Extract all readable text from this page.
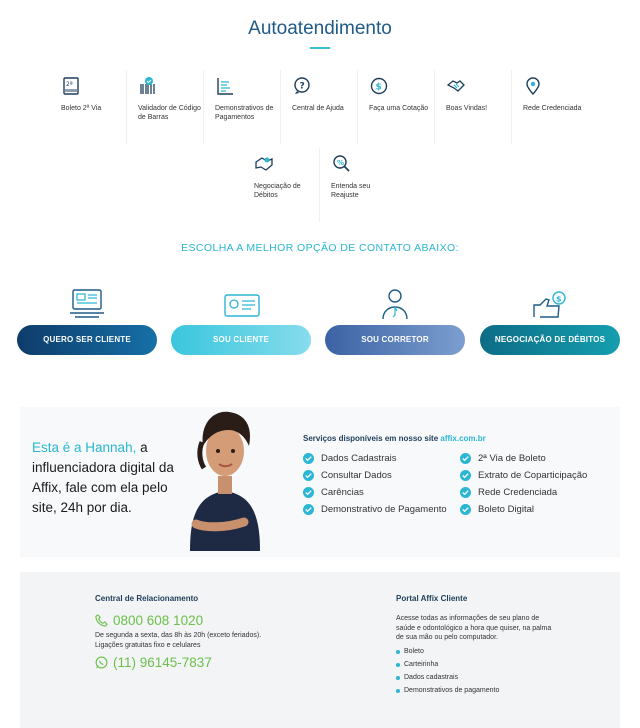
Autoatendimento
2ª
Boleto 2ª Via	Validador de Código de Barras
Demonstrativos de Pagamentos
?
Central de Ajuda
$
Faça uma Cotação	Boas Vindas!	Rede Credenciada
Negociação de Débitos
%
Entenda seu Reajuste
ESCOLHA A MELHOR OPÇÃO DE CONTATO ABAIXO:
$
QUERO SER CLIENTE	SOU CLIENTE	SOU CORRETOR	NEGOCIAÇÃO DE DÉBITOS
Esta é a Hannah, a influenciadora digital da Affix, fale com ela pelo site, 24h por dia.
Serviços disponíveis em nosso site affix.com.br
Dados Cadastrais
Consultar Dados
Carências
Demonstrativo de Pagamento
2ª Via de Boleto
Extrato de Coparticipação
Rede Credenciada
Boleto Digital
Central de Relacionamento
0800 608 1020
De segunda a sexta, das 8h às 20h (exceto feriados). Ligações gratuitas fixo e celulares
(11) 96145-7837
Portal Affix Cliente
Acesse todas as informações de seu plano de saúde e odontológico a hora que quiser, na palma de sua mão ou pelo computador.
Boleto
Carteirinha
Dados cadastrais
Demonstrativos de pagamento
